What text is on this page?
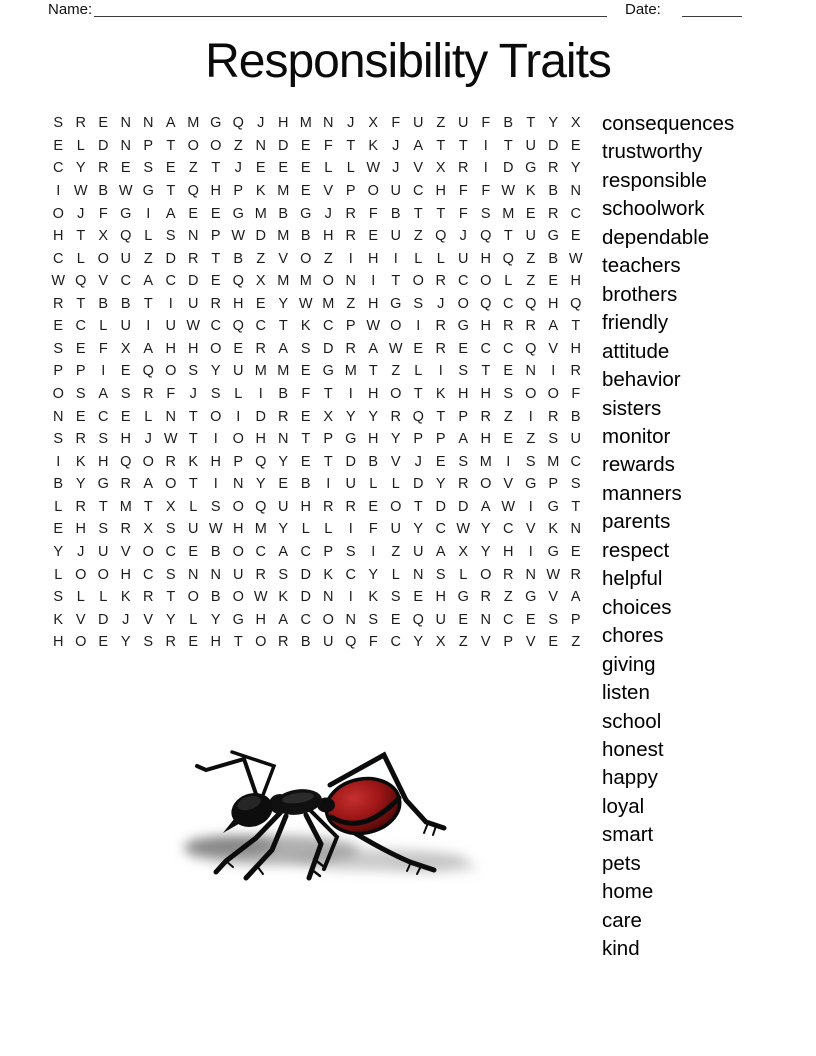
Name:	Date:
Responsibility Traits
S R E N N A M G Q J H M N J X F U Z U F B T Y X
E L D N P T O O Z N D E F T K J A T T	I	T U D E
C Y R E S E Z T J E E E L L W J V X R	I	D G R Y
I W B W G T Q H P K M E V P O U C H F F W K B N
O J F G	I	A E E G M B G J R F B T T F S M E R C
H T X Q L S N P W D M B H R E U Z Q J Q T U G E
C L O U Z D R T B Z V O Z	I	H	I	L L U H Q Z B W
W Q V C A C D E Q X M M O N	I	T O R C O L Z E H
R T B B T	I	U R H E Y W M Z H G S J O Q C Q H Q
E C L U	I	U W C Q C T K C P W O	I	R G H R R A T
S E F X A H H O E R A S D R A W E R E C C Q V H
P P	I	E Q O S Y U M M E G M T Z L	I	S T E N	I	R
O S A S R F J S L	I	B F T	I	H O T K H H S O O F
N E C E L N T O	I	D R E X Y Y R Q T P R Z	I	R B
S R S H J W T	I	O H N T P G H Y P P A H E Z S U
I	K H Q O R K H P Q Y E T D B V J E S M I	S M C
B Y G R A O T	I	N Y E B	I	U L L D Y R O V G P S
L R T M T X L S O Q U H R R E O T D D A W I	G T
E H S R X S U W H M Y L L	I	F U Y C W Y C V K N
Y J U V O C E B O C A C P S	I	Z U A X Y H	I	G E
L O O H C S N N U R S D K C Y L N S L O R N W R
S L L K R T O B O W K D N	I	K S E H G R Z G V A
K V D J V Y L Y G H A C O N S E Q U E N C E S P
H O E Y S R E H T O R B U Q F C Y X Z V P V E Z
consequences
trustworthy
responsible
schoolwork
dependable
teachers
brothers
friendly
attitude
behavior
sisters
monitor
rewards
manners
parents
respect
helpful
choices
chores
giving
listen
school
honest
happy
loyal
smart
pets
home
care
kind
